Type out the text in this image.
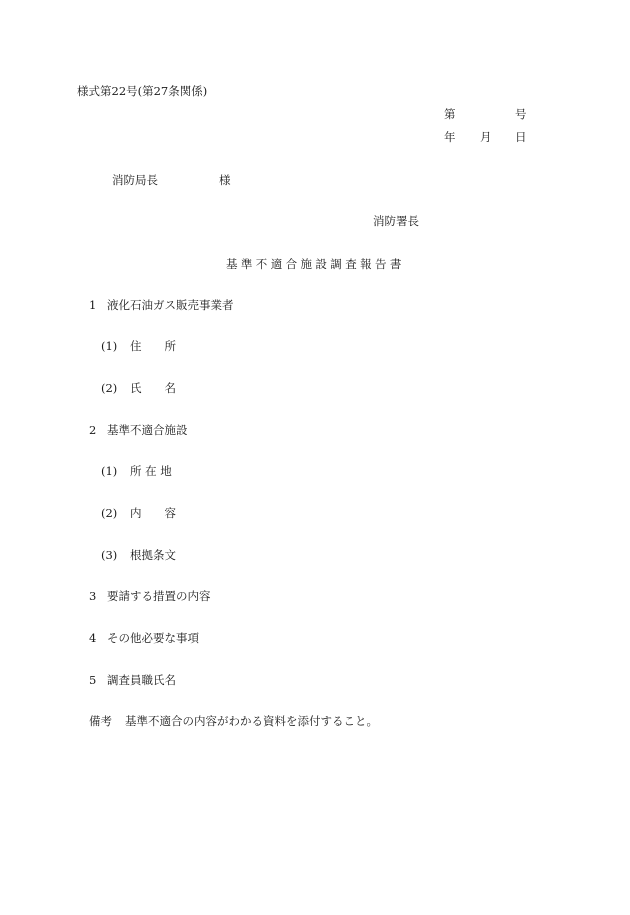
様式第22号(第27条関係)
第	号
年 月 日
消防局長	様
消防署長
基準不適合施設調査報告書
1 液化石油ガス販売事業者
(1) 住　　所
(2) 氏　　名
2 基準不適合施設
(1) 所 在 地
(2) 内　　容
(3) 根拠条文
3 要請する措置の内容
4 その他必要な事項
5 調査員職氏名
備考 基準不適合の内容がわかる資料を添付すること。
